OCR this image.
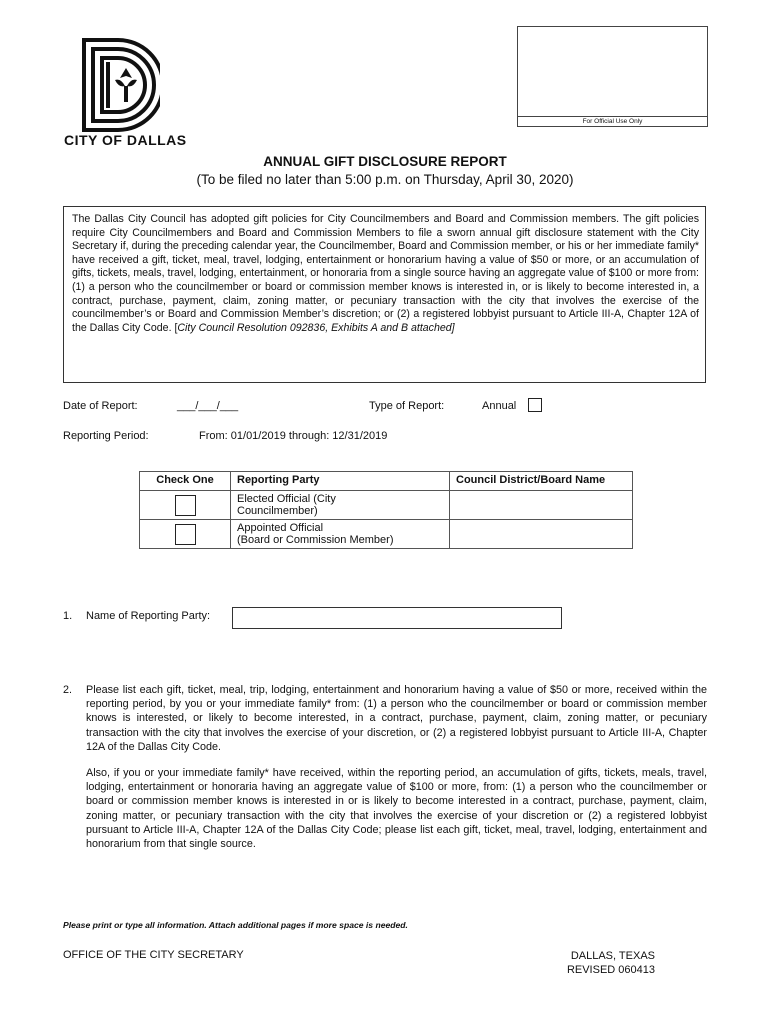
CITY OF DALLAS
For Official Use Only
ANNUAL GIFT DISCLOSURE REPORT
(To be filed no later than 5:00 p.m. on Thursday, April 30, 2020)
The Dallas City Council has adopted gift policies for City Councilmembers and Board and Commission members. The gift policies require City Councilmembers and Board and Commission Members to file a sworn annual gift disclosure statement with the City Secretary if, during the preceding calendar year, the Councilmember, Board and Commission member, or his or her immediate family* have received a gift, ticket, meal, travel, lodging, entertainment or honorarium having a value of $50 or more, or an accumulation of gifts, tickets, meals, travel, lodging, entertainment, or honoraria from a single source having an aggregate value of $100 or more from: (1) a person who the councilmember or board or commission member knows is interested in, or is likely to become interested in, a contract, purchase, payment, claim, zoning matter, or pecuniary transaction with the city that involves the exercise of the councilmember’s or Board and Commission Member’s discretion; or (2) a registered lobbyist pursuant to Article III-A, Chapter 12A of the Dallas City Code. [City Council Resolution 092836, Exhibits A and B attached]
Date of Report:	___/___/___	Type of Report:	Annual
Reporting Period:	From: 01/01/2019 through: 12/31/2019
Check One	Reporting Party	Council District/Board Name

	Elected Official (City
Councilmember)	

	Appointed Official
(Board or Commission Member)	

1. Name of Reporting Party:
2. Please list each gift, ticket, meal, trip, lodging, entertainment and honorarium having a value of $50 or more, received within the reporting period, by you or your immediate family* from: (1) a person who the councilmember or board or commission member knows is interested, or likely to become interested, in a contract, purchase, payment, claim, zoning matter, or pecuniary transaction with the city that involves the exercise of your discretion, or (2) a registered lobbyist pursuant to Article III-A, Chapter 12A of the Dallas City Code.

Also, if you or your immediate family* have received, within the reporting period, an accumulation of gifts, tickets, meals, travel, lodging, entertainment or honoraria having an aggregate value of $100 or more, from: (1) a person who the councilmember or board or commission member knows is interested in or is likely to become interested in a contract, purchase, payment, claim, zoning matter, or pecuniary transaction with the city that involves the exercise of your discretion or (2) a registered lobbyist pursuant to Article III-A, Chapter 12A of the Dallas City Code; please list each gift, ticket, meal, travel, lodging, entertainment and honorarium from that single source.

Please print or type all information. Attach additional pages if more space is needed.
OFFICE OF THE CITY SECRETARY	DALLAS, TEXAS
REVISED 060413
